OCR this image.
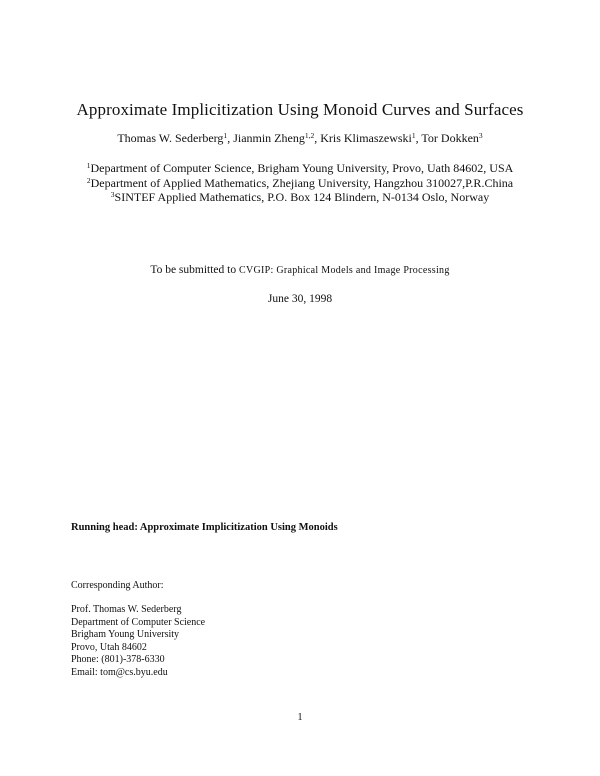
Approximate Implicitization Using Monoid Curves and Surfaces
Thomas W. Sederberg$^1$, Jianmin Zheng$^{1,2}$, Kris Klimaszewski$^1$, Tor Dokken$^3$
$^1$Department of Computer Science, Brigham Young University, Provo, Uath 84602, USA
$^2$Department of Applied Mathematics, Zhejiang University, Hangzhou 310027,P.R.China
$^3$SINTEF Applied Mathematics, P.O. Box 124 Blindern, N-0134 Oslo, Norway
To be submitted to CVGIP: Graphical Models and Image Processing
June 30, 1998
Running head: Approximate Implicitization Using Monoids
Corresponding Author:
Prof. Thomas W. Sederberg
Department of Computer Science
Brigham Young University
Provo, Utah 84602
Phone: (801)-378-6330
Email: tom@cs.byu.edu
1
